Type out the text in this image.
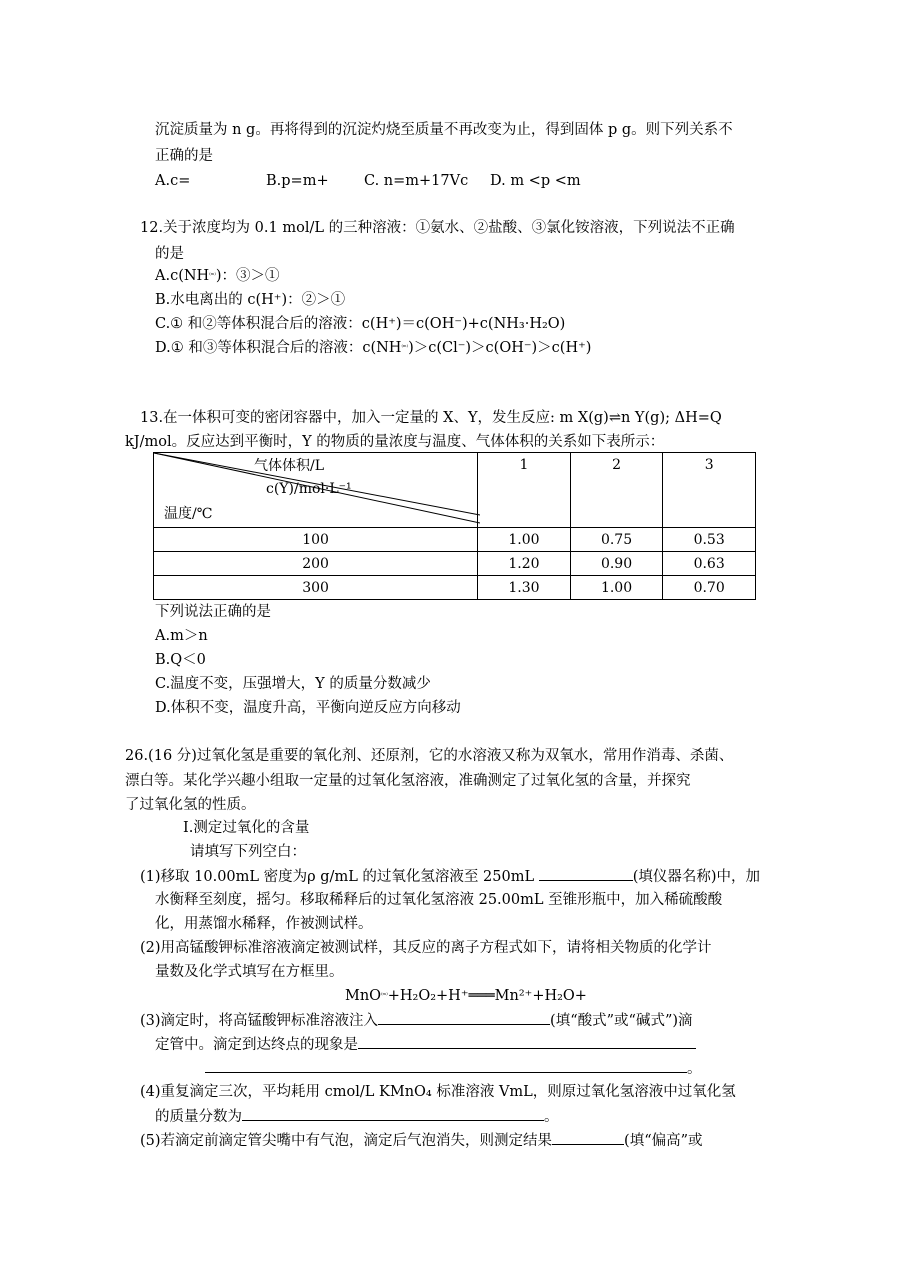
沉淀质量为 n g。再将得到的沉淀灼烧至质量不再改变为止，得到固体 p g。则下列关系不
正确的是
A.c=	B.p=m+ C. n=m+17Vc D. m <p <m
12.关于浓度均为 0.1 mol/L 的三种溶液：①氨水、②盐酸、③氯化铵溶液，下列说法不正确
的是
$A.c(NH^{^(ᵐ^)})$：③＞①
B.水电离出的 c(H⁺)：②＞①
C.① 和②等体积混合后的溶液：c(H⁺)＝c(OH⁻)+c(NH₃·H₂O)
D.① 和③等体积混合后的溶液：$c(NH^{^(ᵐ^)})>c(Cl^-)>c(OH^-)>c(H^+)$
13.在一体积可变的密闭容器中，加入一定量的 X、Y，发生反应: m X(g)⇌n Y(g); ΔH=Q
kJ/mol。反应达到平衡时，Y 的物质的量浓度与温度、气体体积的关系如下表所示：
气体体积/L
c(Y)/mol·L⁻¹
温度/℃	1	2	3
100	1.00	0.75	0.53
200	1.20	0.90	0.63
300	1.30	1.00	0.70
下列说法正确的是
A.m＞n
B.Q＜0
C.温度不变，压强增大，Y 的质量分数减少
D.体积不变，温度升高，平衡向逆反应方向移动
26.(16 分)过氧化氢是重要的氧化剂、还原剂，它的水溶液又称为双氧水，常用作消毒、杀菌、
漂白等。某化学兴趣小组取一定量的过氧化氢溶液，准确测定了过氧化氢的含量，并探究
了过氧化氢的性质。
Ⅰ.测定过氧化的含量
请填写下列空白：
(1)移取 10.00mL 密度为ρ g/mL 的过氧化氢溶液至 250mL	(填仪器名称)中，加
水衡释至刻度，摇匀。移取稀释后的过氧化氢溶液 25.00mL 至锥形瓶中，加入稀硫酸酸
化，用蒸馏水稀释，作被测试样。
(2)用高锰酸钾标准溶液滴定被测试样，其反应的离子方程式如下，请将相关物质的化学计
量数及化学式填写在方框里。
MnO$^{^(ᵐ^)}$+H₂O₂+H⁺═══Mn²⁺+H₂O+
(3)滴定时，将高锰酸钾标准溶液注入	(填“酸式”或“碱式”)滴
定管中。滴定到达终点的现象是
。
(4)重复滴定三次，平均耗用 cmol/L KMnO₄ 标准溶液 VmL，则原过氧化氢溶液中过氧化氢
的质量分数为	。
(5)若滴定前滴定管尖嘴中有气泡，滴定后气泡消失，则测定结果	(填“偏高”或
